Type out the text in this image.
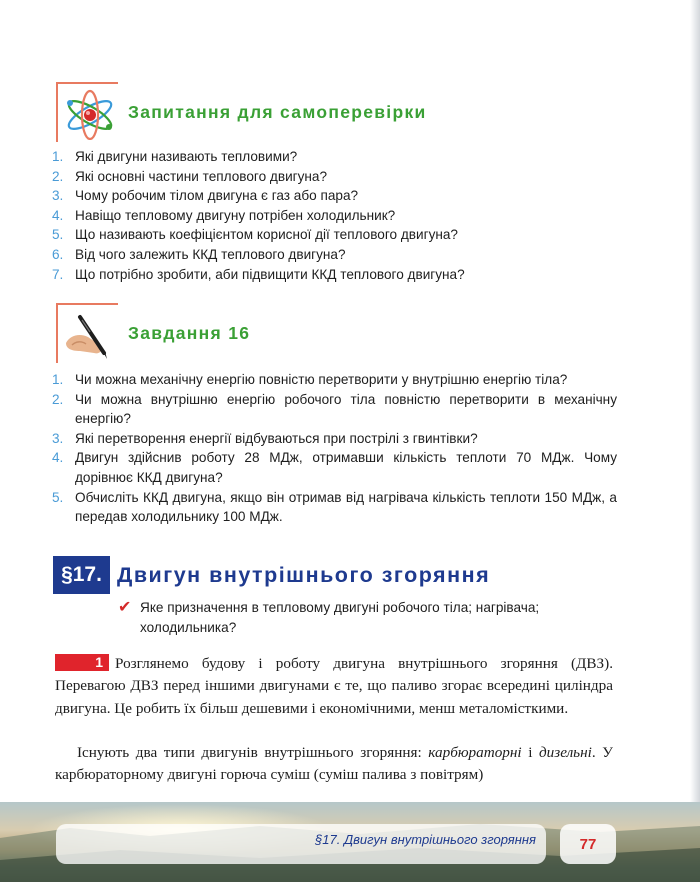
Запитання для самоперевірки
1. Які двигуни називають тепловими?
2. Які основні частини теплового двигуна?
3. Чому робочим тілом двигуна є газ або пара?
4. Навіщо тепловому двигуну потрібен холодильник?
5. Що називають коефіцієнтом корисної дії теплового двигуна?
6. Від чого залежить ККД теплового двигуна?
7. Що потрібно зробити, аби підвищити ККД теплового двигуна?
Завдання 16
1. Чи можна механічну енергію повністю перетворити у внутрішню енергію тіла?
2. Чи можна внутрішню енергію робочого тіла повністю перетворити в механічну енергію?
3. Які перетворення енергії відбуваються при пострілі з гвинтівки?
4. Двигун здійснив роботу 28 МДж, отримавши кількість теплоти 70 МДж. Чому дорівнює ККД двигуна?
5. Обчисліть ККД двигуна, якщо він отримав від нагрівача кількість теплоти 150 МДж, а передав холодильнику 100 МДж.
§17. Двигун внутрішнього згоряння
✔ Яке призначення в тепловому двигуні робочого тіла; нагрівача; холодильника?

1 Розглянемо будову і роботу двигуна внутрішнього згоряння (ДВЗ). Перевагою ДВЗ перед іншими двигунами є те, що паливо згорає всередині циліндра двигуна. Це робить їх більш дешевими і економічними, менш металомісткими.

Існують два типи двигунів внутрішнього згоряння: карбюраторні і дизельні. У карбюраторному двигуні горюча суміш (суміш палива з повітрям)

§17. Двигун внутрішнього згоряння	77
